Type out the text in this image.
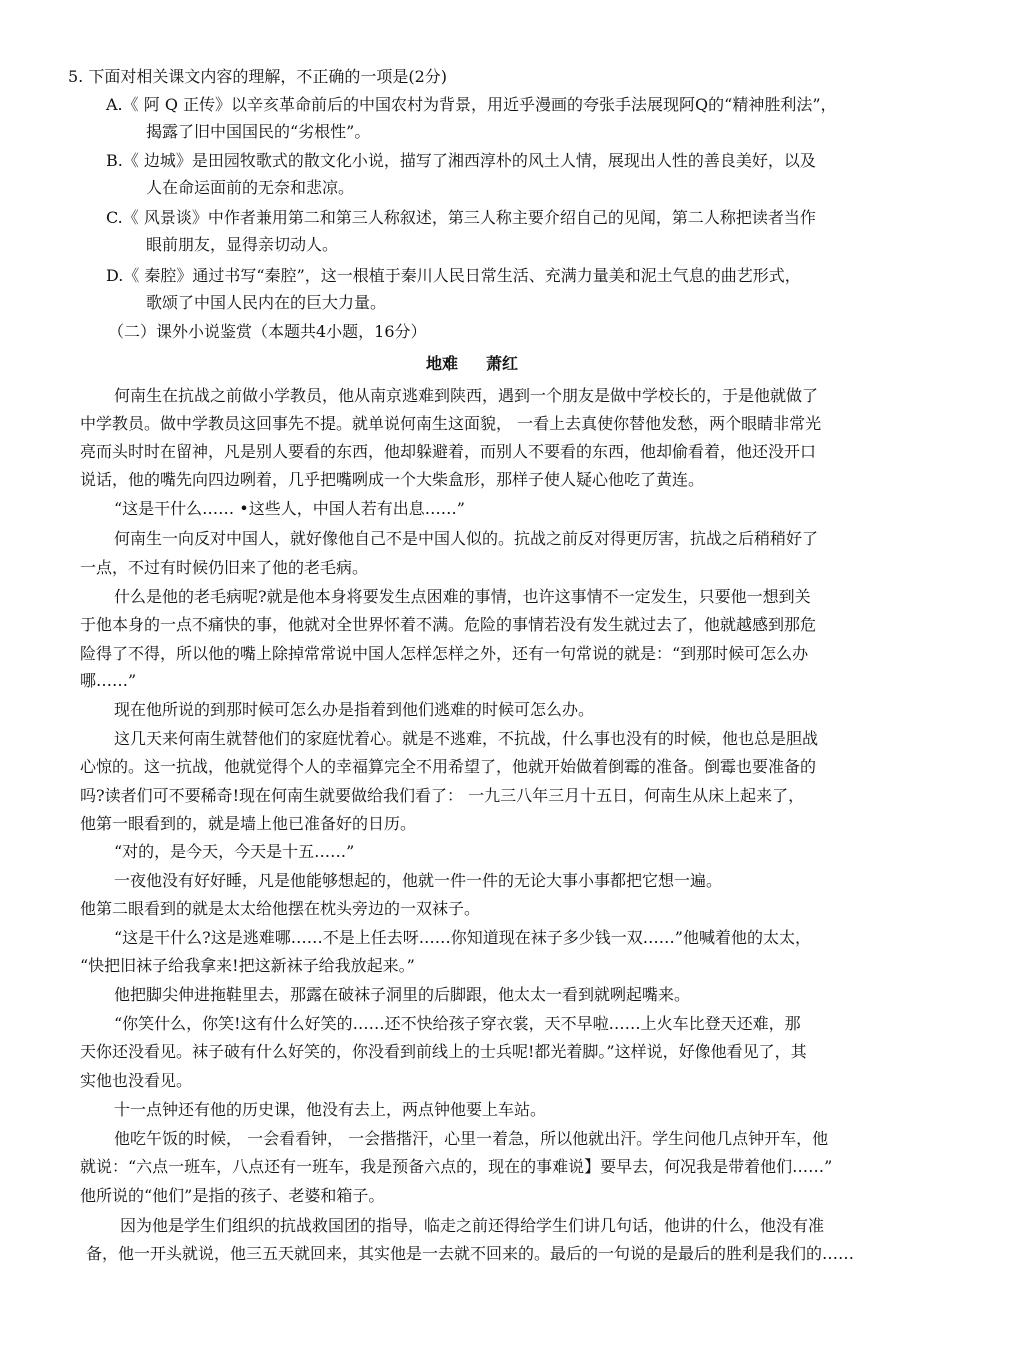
5. 下面对相关课文内容的理解，不正确的一项是(2分)
A.《 阿 Q 正传》以辛亥革命前后的中国农村为背景，用近乎漫画的夸张手法展现阿Q的“精神胜利法”，
揭露了旧中国国民的“劣根性”。
B.《 边城》是田园牧歌式的散文化小说，描写了湘西淳朴的风土人情，展现出人性的善良美好，以及
人在命运面前的无奈和悲凉。
C.《 风景谈》中作者兼用第二和第三人称叙述，第三人称主要介绍自己的见闻，第二人称把读者当作
眼前朋友，显得亲切动人。
D.《 秦腔》通过书写“秦腔”，这一根植于秦川人民日常生活、充满力量美和泥土气息的曲艺形式，
歌颂了中国人民内在的巨大力量。
（二）课外小说鉴赏（本题共4小题，16分）
地难 萧红
何南生在抗战之前做小学教员，他从南京逃难到陕西，遇到一个朋友是做中学校长的，于是他就做了
中学教员。做中学教员这回事先不提。就单说何南生这面貌， 一看上去真使你替他发愁，两个眼睛非常光
亮而头时时在留神，凡是别人要看的东西，他却躲避着，而别人不要看的东西，他却偷看着，他还没开口
说话，他的嘴先向四边咧着，几乎把嘴咧成一个大柴盒形，那样子使人疑心他吃了黄连。
“这是干什么…… •这些人，中国人若有出息……”
何南生一向反对中国人，就好像他自己不是中国人似的。抗战之前反对得更厉害，抗战之后稍稍好了
一点，不过有时候仍旧来了他的老毛病。
什么是他的老毛病呢?就是他本身将要发生点困难的事情，也许这事情不一定发生，只要他一想到关
于他本身的一点不痛快的事，他就对全世界怀着不满。危险的事情若没有发生就过去了，他就越感到那危
险得了不得，所以他的嘴上除掉常常说中国人怎样怎样之外，还有一句常说的就是：“到那时候可怎么办
哪……”
现在他所说的到那时候可怎么办是指着到他们逃难的时候可怎么办。
这几天来何南生就替他们的家庭忧着心。就是不逃难，不抗战，什么事也没有的时候，他也总是胆战
心惊的。这一抗战，他就觉得个人的幸福算完全不用希望了，他就开始做着倒霉的准备。倒霉也要准备的
吗?读者们可不要稀奇!现在何南生就要做给我们看了： 一九三八年三月十五日，何南生从床上起来了，
他第一眼看到的，就是墙上他已准备好的日历。
“对的，是今天，今天是十五……”
一夜他没有好好睡，凡是他能够想起的，他就一件一件的无论大事小事都把它想一遍。
他第二眼看到的就是太太给他摆在枕头旁边的一双袜子。
“这是干什么?这是逃难哪……不是上任去呀……你知道现在袜子多少钱一双……”他喊着他的太太，
“快把旧袜子给我拿来!把这新袜子给我放起来。”
他把脚尖伸进拖鞋里去，那露在破袜子洞里的后脚跟，他太太一看到就咧起嘴来。
“你笑什么，你笑!这有什么好笑的……还不快给孩子穿衣裳，天不早啦……上火车比登天还难，那
天你还没看见。袜子破有什么好笑的，你没看到前线上的士兵呢!都光着脚。”这样说，好像他看见了，其
实他也没看见。
十一点钟还有他的历史课，他没有去上，两点钟他要上车站。
他吃午饭的时候， 一会看看钟， 一会揩揩汗，心里一着急，所以他就出汗。学生问他几点钟开车，他
就说：“六点一班车，八点还有一班车，我是预备六点的，现在的事难说】要早去，何况我是带着他们……”
他所说的“他们”是指的孩子、老婆和箱子。
因为他是学生们组织的抗战救国团的指导，临走之前还得给学生们讲几句话，他讲的什么，他没有准
备，他一开头就说，他三五天就回来，其实他是一去就不回来的。最后的一句说的是最后的胜利是我们的……
